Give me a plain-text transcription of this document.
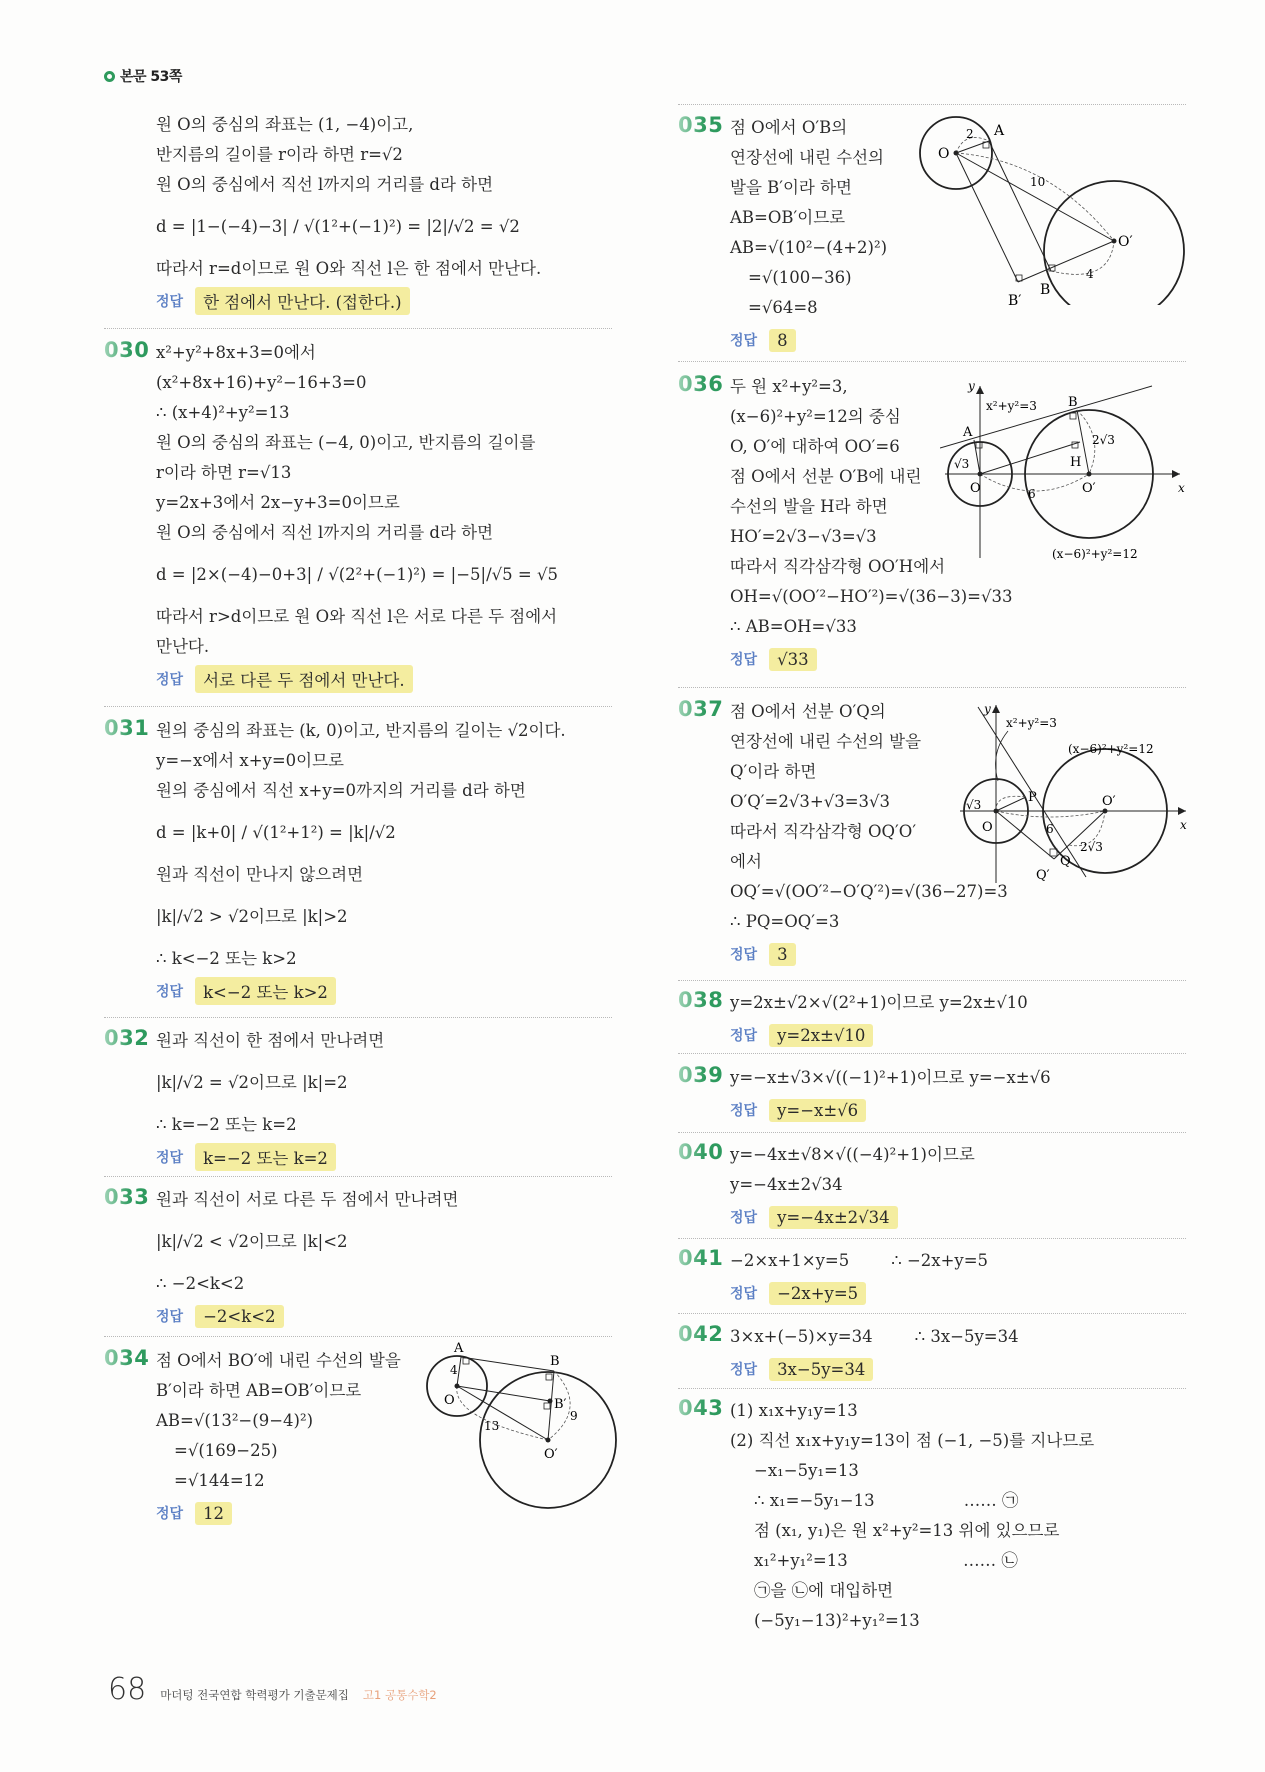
본문 53쪽
원 O의 중심의 좌표는 (1, −4)이고,
반지름의 길이를 r이라 하면 r=√2
원 O의 중심에서 직선 l까지의 거리를 d라 하면
d = |1−(−4)−3| / √(1²+(−1)²) = |2|/√2 = √2
따라서 r=d이므로 원 O와 직선 l은 한 점에서 만난다.
정답	한 점에서 만난다. (접한다.)
030 x²+y²+8x+3=0에서
(x²+8x+16)+y²−16+3=0
∴ (x+4)²+y²=13
원 O의 중심의 좌표는 (−4, 0)이고, 반지름의 길이를
r이라 하면 r=√13
y=2x+3에서 2x−y+3=0이므로
원 O의 중심에서 직선 l까지의 거리를 d라 하면
d = |2×(−4)−0+3| / √(2²+(−1)²) = |−5|/√5 = √5
따라서 r>d이므로 원 O와 직선 l은 서로 다른 두 점에서
만난다.
정답	서로 다른 두 점에서 만난다.
031 원의 중심의 좌표는 (k, 0)이고, 반지름의 길이는 √2이다.
y=−x에서 x+y=0이므로
원의 중심에서 직선 x+y=0까지의 거리를 d라 하면
d = |k+0| / √(1²+1²) = |k|/√2
원과 직선이 만나지 않으려면
|k|/√2 > √2이므로 |k|>2
∴ k<−2 또는 k>2
정답	k<−2 또는 k>2
032 원과 직선이 한 점에서 만나려면
|k|/√2 = √2이므로 |k|=2
∴ k=−2 또는 k=2
정답	k=−2 또는 k=2
033 원과 직선이 서로 다른 두 점에서 만나려면
|k|/√2 < √2이므로 |k|<2
∴ −2<k<2
정답	−2<k<2
034 점 O에서 BO′에 내린 수선의 발을
B′이라 하면 AB=OB′이므로
AB=√(13²−(9−4)²)
=√(169−25)
=√144=12
정답	12
A
B
O	B′
O′
4
9
13
035 점 O에서 O′B의
연장선에 내린 수선의
발을 B′이라 하면
AB=OB′이므로
AB=√(10²−(4+2)²)
=√(100−36)
=√64=8
정답	8
O
A
2
10
O′
4
B
B′
036 두 원 x²+y²=3,
(x−6)²+y²=12의 중심
O, O′에 대하여 OO′=6
점 O에서 선분 O′B에 내린
수선의 발을 H라 하면
HO′=2√3−√3=√3
따라서 직각삼각형 OO′H에서
OH=√(OO′²−HO′²)=√(36−3)=√33
∴ AB=OH=√33
정답	√33
y
x
x²+y²=3
A
B
2√3
H
√3
O	6	O′
(x−6)²+y²=12
037 점 O에서 선분 O′Q의
연장선에 내린 수선의 발을
Q′이라 하면
O′Q′=2√3+√3=3√3
따라서 직각삼각형 OQ′O′
에서
OQ′=√(OO′²−O′Q′²)=√(36−27)=3
∴ PQ=OQ′=3
정답	3
y
x
x²+y²=3
(x−6)²+y²=12
√3	P
O
O′
6
2√3
Q
Q′
038 y=2x±√2×√(2²+1)이므로 y=2x±√10
정답	y=2x±√10
039 y=−x±√3×√((−1)²+1)이므로 y=−x±√6
정답	y=−x±√6
040 y=−4x±√8×√((−4)²+1)이므로
y=−4x±2√34
정답	y=−4x±2√34
041 −2×x+1×y=5        ∴ −2x+y=5
정답	−2x+y=5
042 3×x+(−5)×y=34        ∴ 3x−5y=34
정답	3x−5y=34
043 (1) x₁x+y₁y=13
(2) 직선 x₁x+y₁y=13이 점 (−1, −5)를 지나므로
−x₁−5y₁=13
∴ x₁=−5y₁−13                 …… ㉠
점 (x₁, y₁)은 원 x²+y²=13 위에 있으므로
x₁²+y₁²=13                      …… ㉡
㉠을 ㉡에 대입하면
(−5y₁−13)²+y₁²=13
68 마더텅 전국연합 학력평가 기출문제집 고1 공통수학2
